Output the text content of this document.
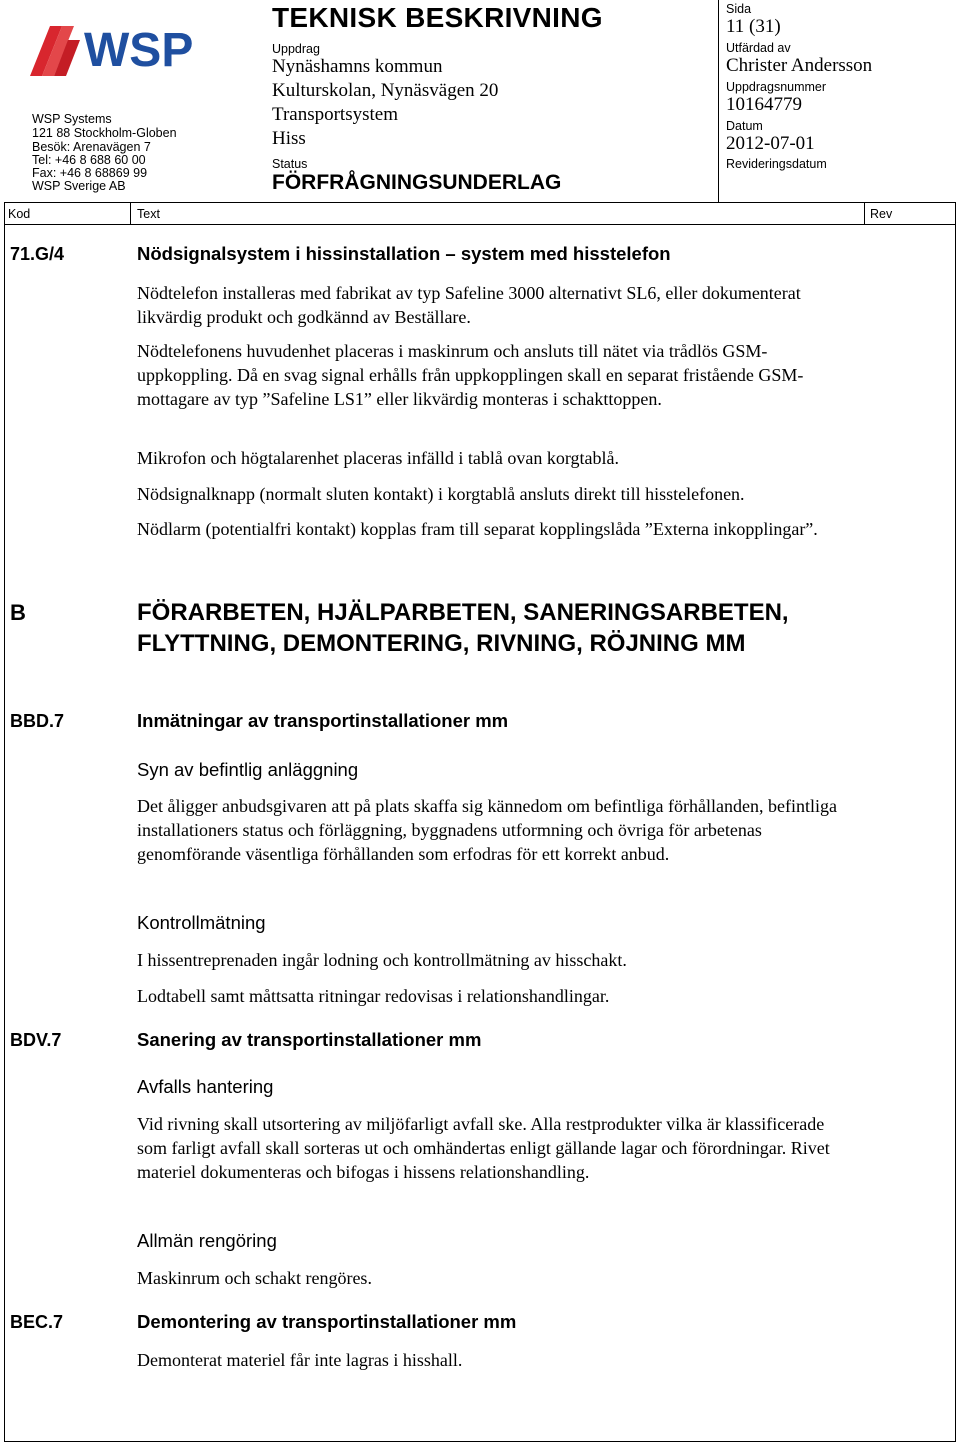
WSP
WSP Systems
121 88 Stockholm-Globen
Besök: Arenavägen 7
Tel: +46 8 688 60 00
Fax: +46 8 68869 99
WSP Sverige AB
TEKNISK BESKRIVNING
Uppdrag
Nynäshamns kommun
Kulturskolan, Nynäsvägen 20
Transportsystem
Hiss
Status
FÖRFRÅGNINGSUNDERLAG
Sida
11 (31)
Utfärdad av
Christer Andersson
Uppdragsnummer
10164779
Datum
2012-07-01
Revideringsdatum
Kod	Text	Rev
71.G/4	Nödsignalsystem i hissinstallation – system med hisstelefon
Nödtelefon installeras med fabrikat av typ Safeline 3000 alternativt SL6, eller dokumenterat likvärdig produkt och godkännd av Beställare.
Nödtelefonens huvudenhet placeras i maskinrum och ansluts till nätet via trådlös GSM-uppkoppling. Då en svag signal erhålls från uppkopplingen skall en separat fristående GSM-mottagare av typ ”Safeline LS1” eller likvärdig monteras i schakttoppen.
Mikrofon och högtalarenhet placeras infälld i tablå ovan korgtablå.
Nödsignalknapp (normalt sluten kontakt) i korgtablå ansluts direkt till hisstelefonen.
Nödlarm (potentialfri kontakt) kopplas fram till separat kopplingslåda ”Externa inkopplingar”.
B	FÖRARBETEN, HJÄLPARBETEN, SANERINGSARBETEN, FLYTTNING, DEMONTERING, RIVNING, RÖJNING MM
BBD.7	Inmätningar av transportinstallationer mm
Syn av befintlig anläggning
Det åligger anbudsgivaren att på plats skaffa sig kännedom om befintliga förhållanden, befintliga installationers status och förläggning, byggnadens utformning och övriga för arbetenas genomförande väsentliga förhållanden som erfodras för ett korrekt anbud.
Kontrollmätning
I hissentreprenaden ingår lodning och kontrollmätning av hisschakt.
Lodtabell samt måttsatta ritningar redovisas i relationshandlingar.
BDV.7	Sanering av transportinstallationer mm
Avfalls hantering
Vid rivning skall utsortering av miljöfarligt avfall ske. Alla restprodukter vilka är klassificerade som farligt avfall skall sorteras ut och omhändertas enligt gällande lagar och förordningar. Rivet materiel dokumenteras och bifogas i hissens relationshandling.
Allmän rengöring
Maskinrum och schakt rengöres.
BEC.7	Demontering av transportinstallationer mm
Demonterat materiel får inte lagras i hisshall.
